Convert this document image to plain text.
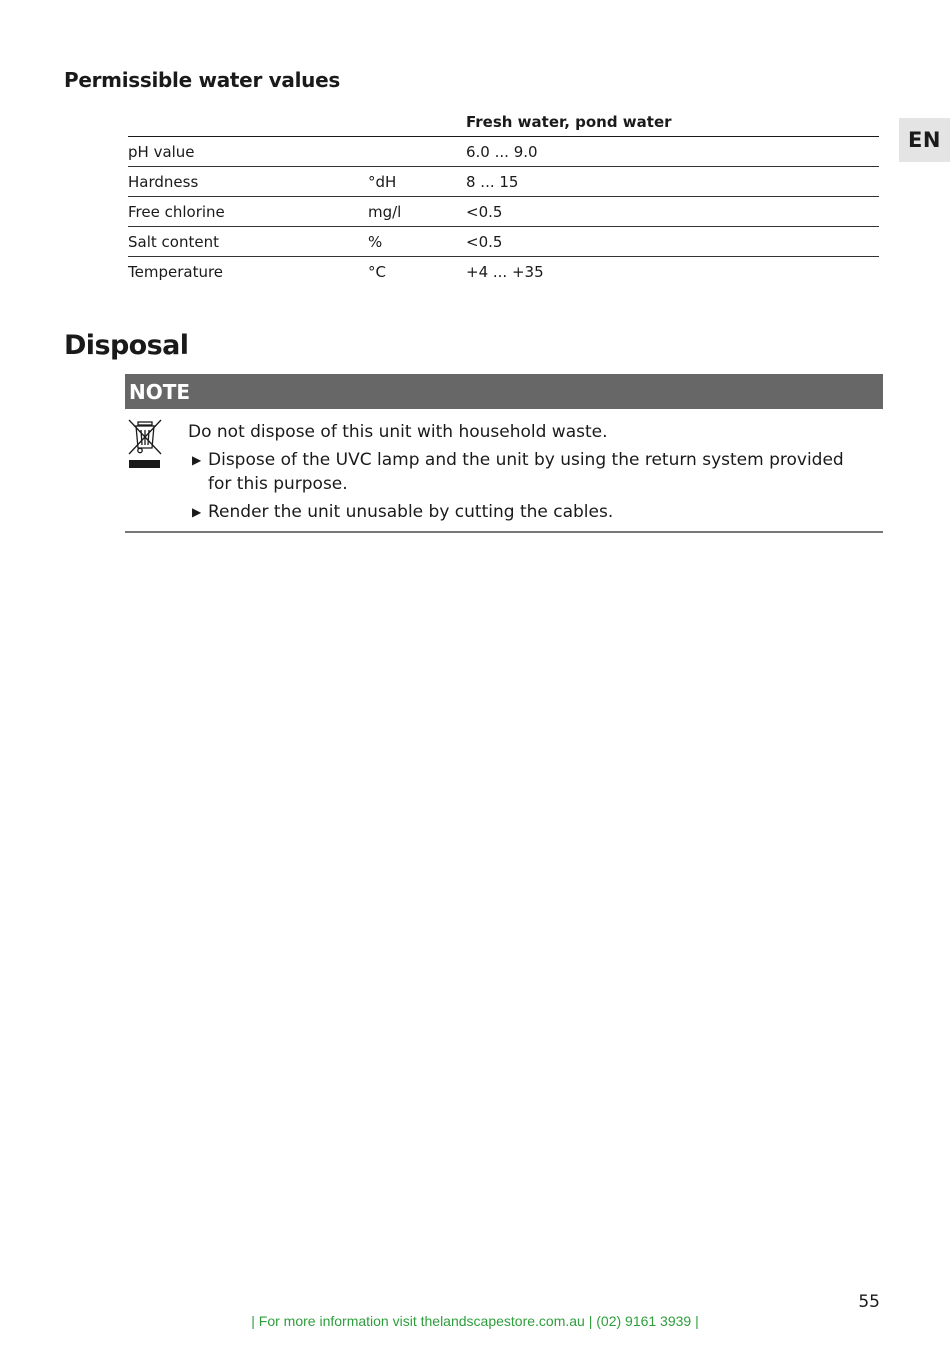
Permissible water values
EN
		Fresh water, pond water
pH value		6.0 ... 9.0
Hardness	°dH	8 ... 15
Free chlorine	mg/l	<0.5
Salt content	%	<0.5
Temperature	°C	+4 ... +35
Disposal
NOTE

Do not dispose of this unit with household waste.

▶ Dispose of the UVC lamp and the unit by using the return system provided for this purpose.
▶ Render the unit unusable by cutting the cables.
55
| For more information visit thelandscapestore.com.au | (02) 9161 3939 |
